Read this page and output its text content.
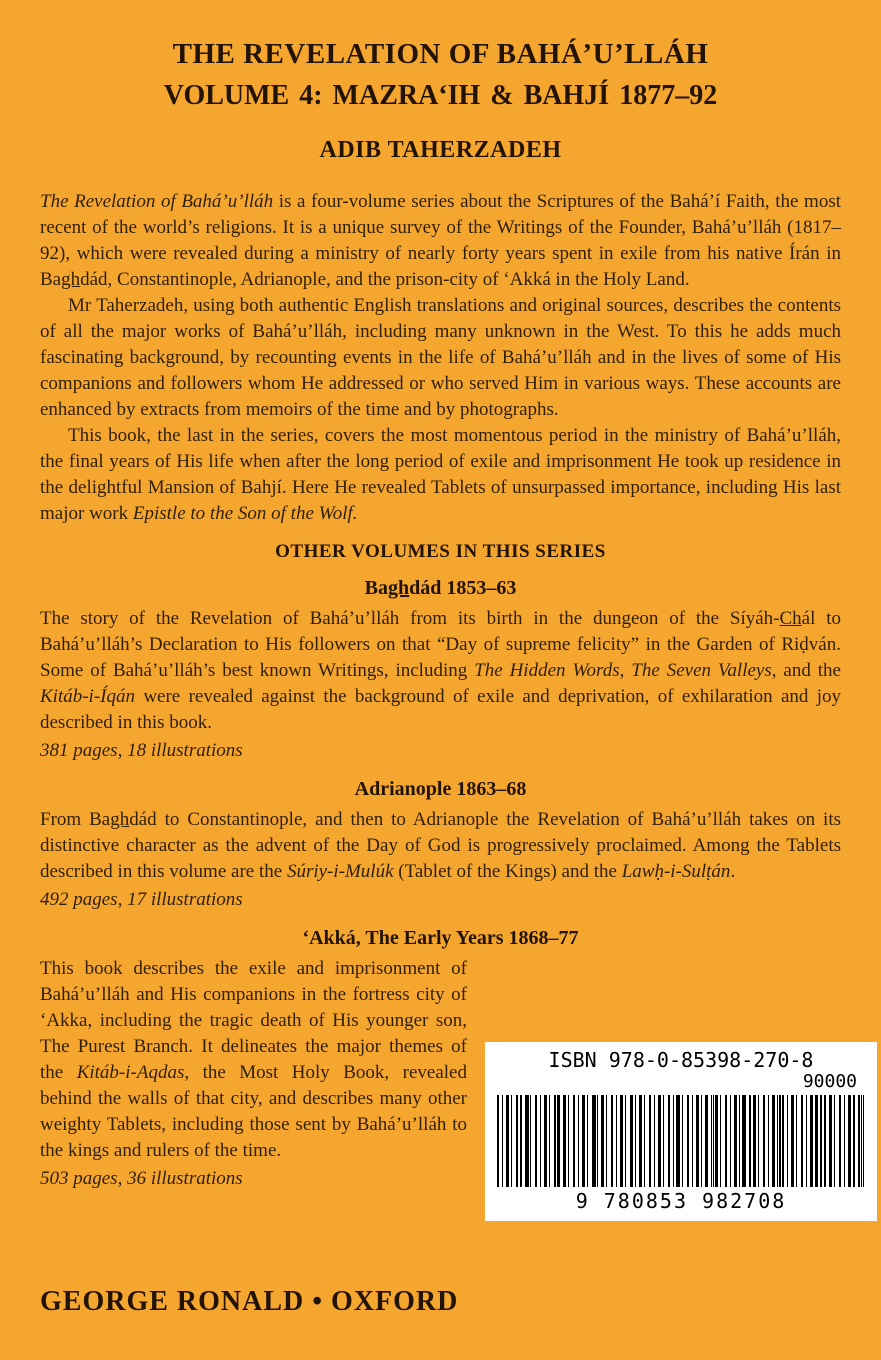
THE REVELATION OF BAHÁ’U’LLÁH
VOLUME 4: MAZRA‘IH & BAHJÍ 1877–92
ADIB TAHERZADEH

The Revelation of Bahá’u’lláh is a four-volume series about the Scriptures of the Bahá’í Faith, the most recent of the world’s religions. It is a unique survey of the Writings of the Founder, Bahá’u’lláh (1817–92), which were revealed during a ministry of nearly forty years spent in exile from his native Írán in Baghdád, Constantinople, Adrianople, and the prison-city of ‘Akká in the Holy Land.

Mr Taherzadeh, using both authentic English translations and original sources, describes the contents of all the major works of Bahá’u’lláh, including many unknown in the West. To this he adds much fascinating background, by recounting events in the life of Bahá’u’lláh and in the lives of some of His companions and followers whom He addressed or who served Him in various ways. These accounts are enhanced by extracts from memoirs of the time and by photographs.

This book, the last in the series, covers the most momentous period in the ministry of Bahá’u’lláh, the final years of His life when after the long period of exile and imprisonment He took up residence in the delightful Mansion of Bahjí. Here He revealed Tablets of unsurpassed importance, including His last major work Epistle to the Son of the Wolf.

OTHER VOLUMES IN THIS SERIES
Baghdád 1853–63

The story of the Revelation of Bahá’u’lláh from its birth in the dungeon of the Síyáh-Chál to Bahá’u’lláh’s Declaration to His followers on that “Day of supreme felicity” in the Garden of Riḍván. Some of Bahá’u’lláh’s best known Writings, including The Hidden Words, The Seven Valleys, and the Kitáb-i-Íqán were revealed against the background of exile and deprivation, of exhilaration and joy described in this book.

381 pages, 18 illustrations

Adrianople 1863–68

From Baghdád to Constantinople, and then to Adrianople the Revelation of Bahá’u’lláh takes on its distinctive character as the advent of the Day of God is progressively proclaimed. Among the Tablets described in this volume are the Súriy-i-Mulúk (Tablet of the Kings) and the Lawḥ-i-Sulṭán.

492 pages, 17 illustrations

‘Akká, The Early Years 1868–77
ISBN 978-0-85398-270-8
90000
9 780853 982708

This book describes the exile and imprisonment of Bahá’u’lláh and His companions in the fortress city of ‘Akka, including the tragic death of His younger son, The Purest Branch. It delineates the major themes of the Kitáb-i-Aqdas, the Most Holy Book, revealed behind the walls of that city, and describes many other weighty Tablets, including those sent by Bahá’u’lláh to the kings and rulers of the time.

503 pages, 36 illustrations

GEORGE RONALD • OXFORD
